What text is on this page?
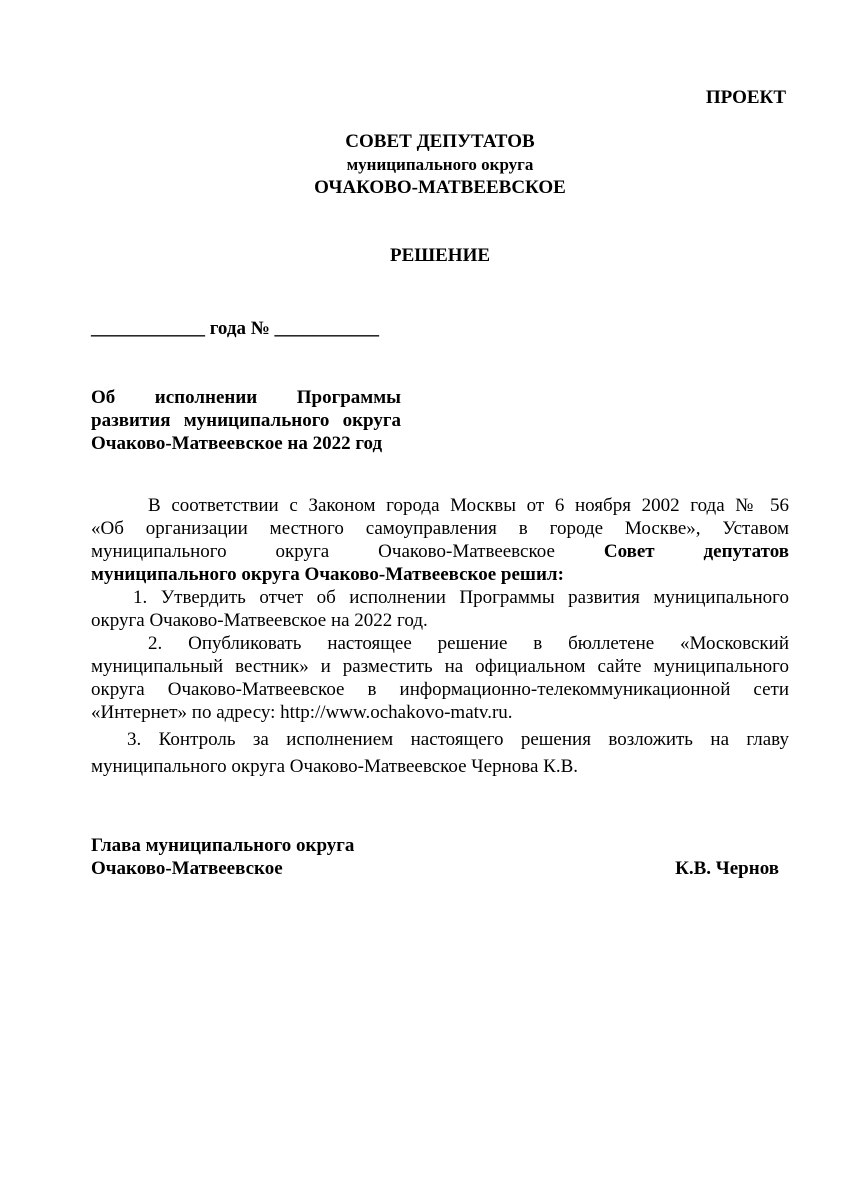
ПРОЕКТ
СОВЕТ ДЕПУТАТОВ
муниципального округа
ОЧАКОВО-МАТВЕЕВСКОЕ
РЕШЕНИЕ
____________ года № ___________
Об исполнении Программы
развития муниципального округа
Очаково-Матвеевское на 2022 год
В соответствии с Законом города Москвы от 6 ноября 2002 года № 56
«Об организации местного самоуправления в городе Москве», Уставом
муниципального округа Очаково-Матвеевское	Совет депутатов
муниципального округа Очаково-Матвеевское решил:
1. Утвердить отчет об исполнении Программы развития муниципального
округа Очаково-Матвеевское на 2022 год.
2. Опубликовать настоящее решение в бюллетене «Московский
муниципальный вестник» и разместить на официальном сайте муниципального
округа Очаково-Матвеевское в информационно-телекоммуникационной сети
«Интернет» по адресу: http://www.ochakovo-matv.ru.
3. Контроль за исполнением настоящего решения возложить на главу
муниципального округа Очаково-Матвеевское Чернова К.В.
Глава муниципального округа
Очаково-Матвеевское	К.В. Чернов
